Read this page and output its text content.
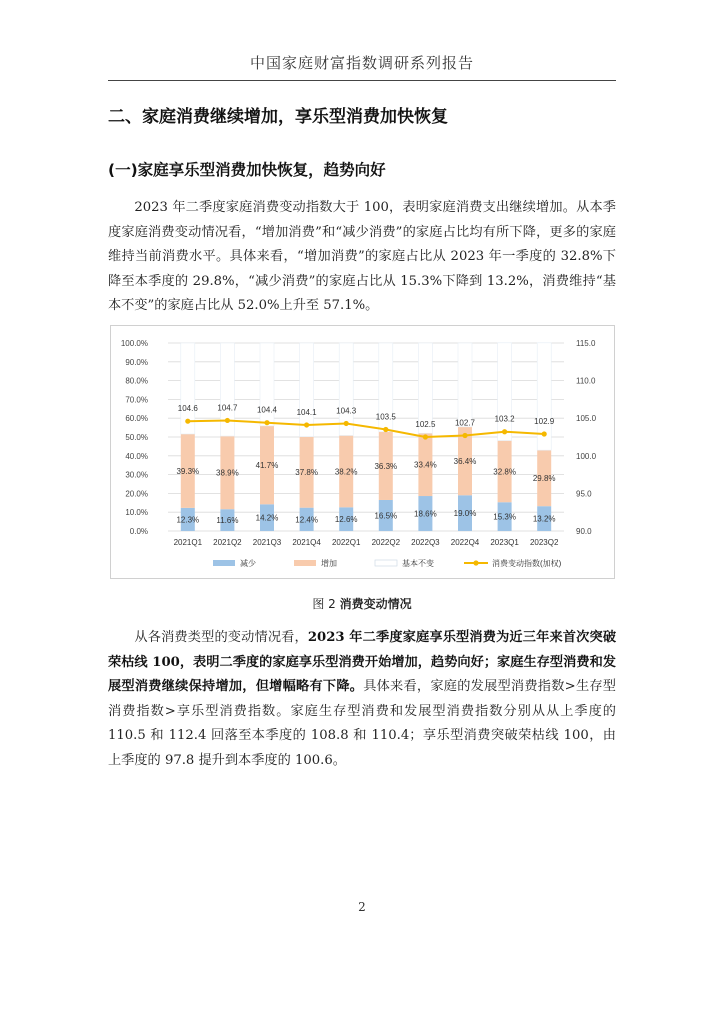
中国家庭财富指数调研系列报告
二、家庭消费继续增加，享乐型消费加快恢复
(一)家庭享乐型消费加快恢复，趋势向好
2023 年二季度家庭消费变动指数大于 100，表明家庭消费支出继续增加。从本季度家庭消费变动情况看，“增加消费”和“减少消费”的家庭占比均有所下降，更多的家庭维持当前消费水平。具体来看，“增加消费”的家庭占比从 2023 年一季度的 32.8%下降至本季度的 29.8%，“减少消费”的家庭占比从 15.3%下降到 13.2%，消费维持“基本不变”的家庭占比从 52.0%上升至 57.1%。
0.0%
10.0%
20.0%
30.0%
40.0%
50.0%
60.0%
70.0%
80.0%
90.0%
100.0%
90.0
95.0
100.0
105.0
110.0
115.0
12.3%
39.3%
2021Q1
11.6%
38.9%
2021Q2
14.2%
41.7%
2021Q3
12.4%
37.8%
2021Q4
12.6%
38.2%
2022Q1
16.5%
36.3%
2022Q2
18.6%
33.4%
2022Q3
19.0%
36.4%
2022Q4
15.3%
32.8%
2023Q1
13.2%
29.8%
2023Q2
104.6 104.7 104.4 104.1 104.3
103.5
102.5 102.7 103.2 102.9
减少	增加	基本不变	消费变动指数(加权)
图 2 消费变动情况
从各消费类型的变动情况看，2023 年二季度家庭享乐型消费为近三年来首次突破荣枯线 100，表明二季度的家庭享乐型消费开始增加，趋势向好；家庭生存型消费和发展型消费继续保持增加，但增幅略有下降。具体来看，家庭的发展型消费指数>生存型消费指数>享乐型消费指数。家庭生存型消费和发展型消费指数分别从从上季度的 110.5 和 112.4 回落至本季度的 108.8 和 110.4；享乐型消费突破荣枯线 100，由上季度的 97.8 提升到本季度的 100.6。
2
